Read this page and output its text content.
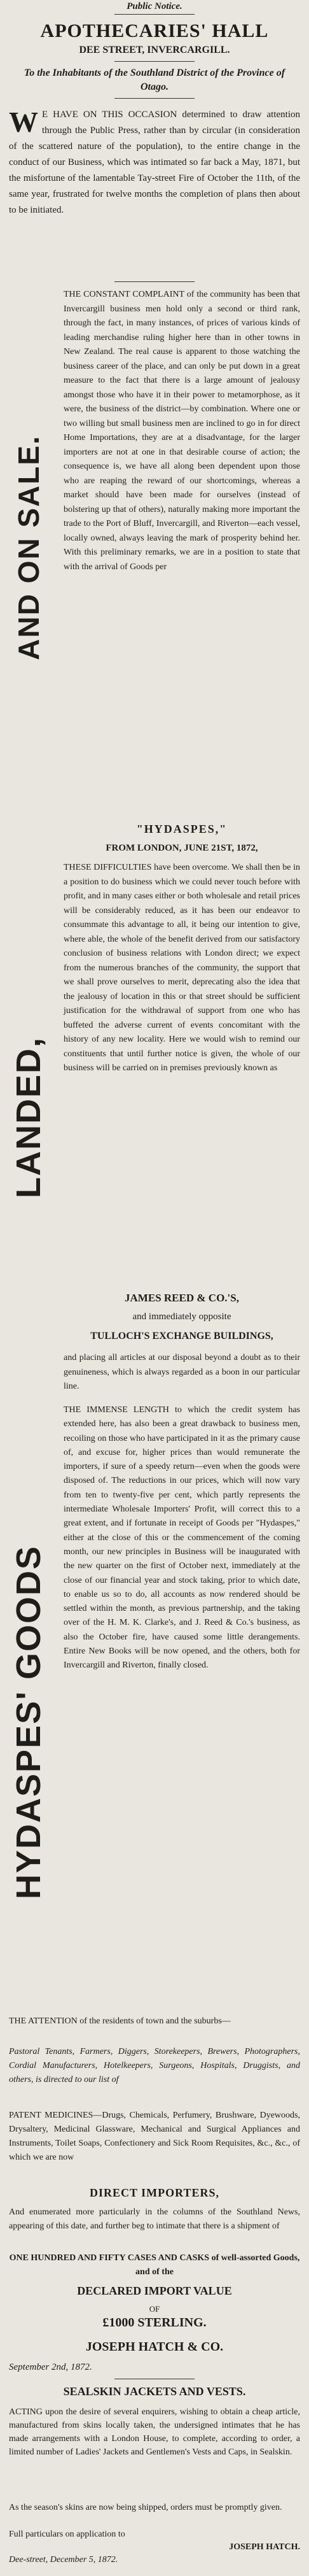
Public Notice.
APOTHECARIES' HALL
DEE STREET, INVERCARGILL.
To the Inhabitants of the Southland District of the Province of Otago.
W E HAVE ON THIS OCCASION determined to draw attention through the Public Press, rather than by circular (in consideration of the scattered nature of the population), to the entire change in the conduct of our Business, which was intimated so far back a May, 1871, but the misfortune of the lamentable Tay-street Fire of October the 11th, of the same year, frustrated for twelve months the completion of plans then about to be initiated.
AND ON SALE.
THE CONSTANT COMPLAINT of the community has been that Invercargill business men hold only a second or third rank, through the fact, in many instances, of prices of various kinds of leading merchandise ruling higher here than in other towns in New Zealand. The real cause is apparent to those watching the business career of the place, and can only be put down in a great measure to the fact that there is a large amount of jealousy amongst those who have it in their power to metamorphose, as it were, the business of the district—by combination. Where one or two willing but small business men are inclined to go in for direct Home Importations, they are at a disadvantage, for the larger importers are not at one in that desirable course of action; the consequence is, we have all along been dependent upon those who are reaping the reward of our shortcomings, whereas a market should have been made for ourselves (instead of bolstering up that of others), naturally making more important the trade to the Port of Bluff, Invercargill, and Riverton—each vessel, locally owned, always leaving the mark of prosperity behind her. With this preliminary remarks, we are in a position to state that with the arrival of Goods per
"HYDASPES,"
FROM LONDON, JUNE 21ST, 1872,
LANDED,
THESE DIFFICULTIES have been overcome. We shall then be in a position to do business which we could never touch before with profit, and in many cases either or both wholesale and retail prices will be considerably reduced, as it has been our endeavor to consummate this advantage to all, it being our intention to give, where able, the whole of the benefit derived from our satisfactory conclusion of business relations with London direct; we expect from the numerous branches of the community, the support that we shall prove ourselves to merit, deprecating also the idea that the jealousy of location in this or that street should be sufficient justification for the withdrawal of support from one who has buffeted the adverse current of events concomitant with the history of any new locality. Here we would wish to remind our constituents that until further notice is given, the whole of our business will be carried on in premises previously known as
JAMES REED & CO.'S,
and immediately opposite
TULLOCH'S EXCHANGE BUILDINGS,
and placing all articles at our disposal beyond a doubt as to their genuineness, which is always regarded as a boon in our particular line.
HYDASPES' GOODS
THE IMMENSE LENGTH to which the credit system has extended here, has also been a great drawback to business men, recoiling on those who have participated in it as the primary cause of, and excuse for, higher prices than would remunerate the importers, if sure of a speedy return—even when the goods were disposed of. The reductions in our prices, which will now vary from ten to twenty-five per cent, which partly represents the intermediate Wholesale Importers' Profit, will correct this to a great extent, and if fortunate in receipt of Goods per "Hydaspes," either at the close of this or the commencement of the coming month, our new principles in Business will be inaugurated with the new quarter on the first of October next, immediately at the close of our financial year and stock taking, prior to which date, to enable us so to do, all accounts as now rendered should be settled within the month, as previous partnership, and the taking over of the H. M. K. Clarke's, and J. Reed & Co.'s business, as also the October fire, have caused some little derangements. Entire New Books will be now opened, and the others, both for Invercargill and Riverton, finally closed.
THE ATTENTION of the residents of town and the suburbs—
Pastoral Tenants, Farmers, Diggers, Storekeepers, Brewers, Photographers, Cordial Manufacturers, Hotelkeepers, Surgeons, Hospitals, Druggists, and others, is directed to our list of
PATENT MEDICINES—Drugs, Chemicals, Perfumery, Brushware, Dyewoods, Drysaltery, Medicinal Glassware, Mechanical and Surgical Appliances and Instruments, Toilet Soaps, Confectionery and Sick Room Requisites, &c., &c., of which we are now
DIRECT IMPORTERS,
And enumerated more particularly in the columns of the Southland News, appearing of this date, and further beg to intimate that there is a shipment of
ONE HUNDRED AND FIFTY CASES AND CASKS of well-assorted Goods, and of the
DECLARED IMPORT VALUE
OF
£1000 STERLING.
JOSEPH HATCH & CO.
September 2nd, 1872.
SEALSKIN JACKETS AND VESTS.
ACTING upon the desire of several enquirers, wishing to obtain a cheap article, manufactured from skins locally taken, the undersigned intimates that he has made arrangements with a London House, to complete, according to order, a limited number of Ladies' Jackets and Gentlemen's Vests and Caps, in Sealskin.
As the season's skins are now being shipped, orders must be promptly given.
Full particulars on application to
JOSEPH HATCH.
Dee-street, December 5, 1872.
